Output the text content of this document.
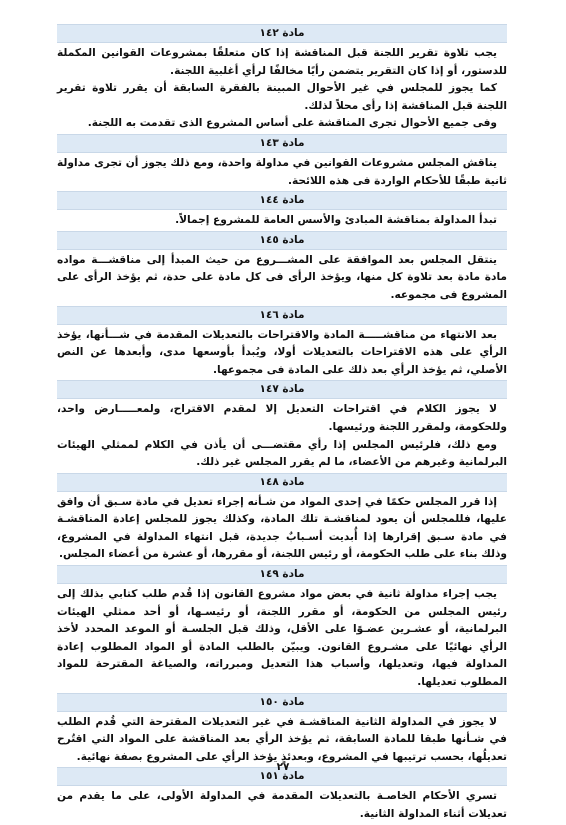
مادة ١٤٢

يجب تلاوة تقرير اللجنة قبل المناقشة إذا كان متعلقًا بمشروعات القوانين المكملة للدستور، أو إذا كان التقرير يتضمن رأيًا مخالفًا لرأي أغلبية اللجنة.

كما يجوز للمجلس في غير الأحوال المبينة بالفقرة السابقة أن يقرر تلاوة تقرير اللجنة قبل المناقشة إذا رأى محلاً لذلك.

وفى جميع الأحوال تجرى المناقشة على أساس المشروع الذى تقدمت به اللجنة.

مادة ١٤٣

يناقش المجلس مشروعات القوانين في مداولة واحدة، ومع ذلك يجوز أن تجرى مداولة ثانية طبقًا للأحكام الواردة فى هذه اللائحة.

مادة ١٤٤

تبدأ المداولة بمناقشة المبادئ والأسس العامة للمشروع إجمالاً.

مادة ١٤٥

ينتقل المجلس بعد الموافقة على المشـــروع من حيث المبدأ إلى مناقشـــة مواده مادة مادة بعد تلاوة كل منها، ويؤخذ الرأى فى كل مادة على حدة، ثم يؤخذ الرأى على المشروع فى مجموعه.

مادة ١٤٦

بعد الانتهاء من مناقشـــــة المادة والاقتراحات بالتعديلات المقدمة في شـــأنها، يؤخذ الرأي على هذه الاقتراحات بالتعديلات أولا، ويُبدأ بأوسعها مدى، وأبعدها عن النص الأصلي، ثم يؤخذ الرأي بعد ذلك على المادة فى مجموعها.

مادة ١٤٧

لا يجوز الكلام في اقتراحات التعديل إلا لمقدم الاقتراح، ولمعـــــارض واحد، وللحكومة، ولمقرر اللجنة ورئيسها.

ومع ذلك، فلرئيس المجلس إذا رأي مقتضـــى أن يأذن في الكلام لممثلي الهيئات البرلمانية وغيرهم من الأعضاء، ما لم يقرر المجلس غير ذلك.

مادة ١٤٨

إذا قرر المجلس حكمًا في إحدى المواد من شـأنه إجراء تعديل في مادة سـبق أن وافق عليها، فللمجلس أن يعود لمناقشـة تلك المادة، وكذلك يجوز للمجلس إعادة المناقشـة في مادة سـبق إقرارها إذا أُبديت أسـبابٌ جديدة، قبل انتهاء المداولة في المشروع، وذلك بناء على طلب الحكومة، أو رئيس اللجنة، أو مقررها، أو عشرة من أعضاء المجلس.

مادة ١٤٩

يجب إجراء مداولة ثانية في بعض مواد مشروع القانون إذا قُدم طلب كتابي بذلك إلى رئيس المجلس من الحكومة، أو مقرر اللجنة، أو رئيسـها، أو أحد ممثلي الهيئات البرلمانية، أو عشـرين عضـوًا على الأقل، وذلك قبل الجلسـة أو الموعد المحدد لأخذ الرأي نهائيًا على مشـروع القانون. ويبيّن بالطلب المادة أو المواد المطلوب إعادة المداولة فيها، وتعديلها، وأسباب هذا التعديل ومبرراته، والصياغة المقترحة للمواد المطلوب تعديلها.

مادة ١٥٠

لا يجوز في المداولة الثانية المناقشـة في غير التعديلات المقترحة التي قُدم الطلب في شـأنها طبقا للمادة السابقة، ثم يؤخذ الرأي بعد المناقشة على المواد التي اقتُرح تعديلُها، بحسب ترتيبها في المشروع، وبعدئذٍ يؤخذ الرأي على المشروع بصفة نهائية.

مادة ١٥١

تسري الأحكام الخاصـة بالتعديلات المقدمة في المداولة الأولى، على ما يقدم من تعديلات أثناء المداولة الثانية.

٢٧
